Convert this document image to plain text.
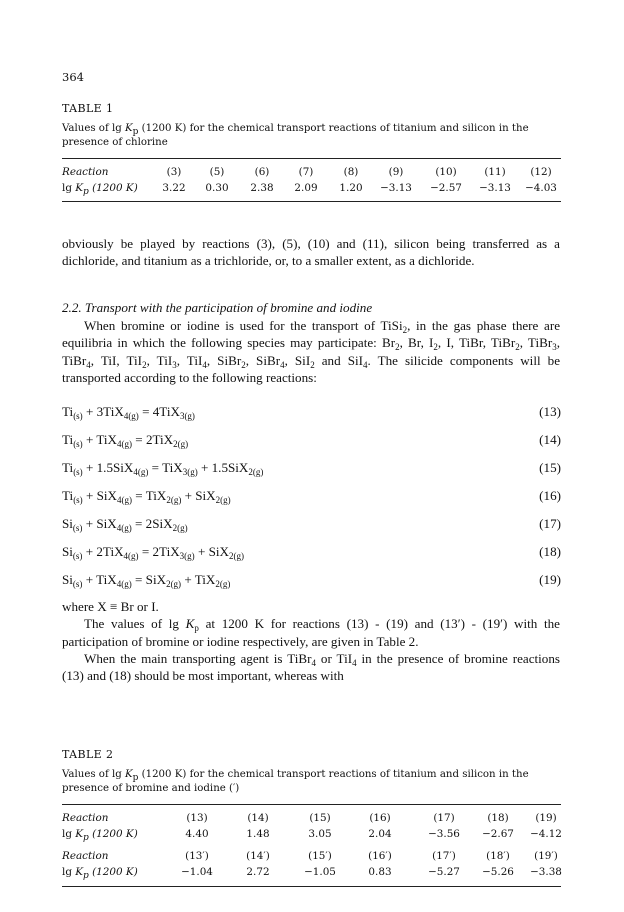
364
TABLE 1
Values of $\lg K_p$ (1200 K) for the chemical transport reactions of titanium and silicon in the presence of chlorine
Reaction	(3)	(5)	(6)	(7)	(8)	(9)	(10)	(11)	(12)
$\lg K_p$ (1200 K)	3.22	0.30	2.38	2.09	1.20	−3.13	−2.57	−3.13	−4.03

obviously be played by reactions (3), (5), (10) and (11), silicon being transferred as a dichloride, and titanium as a trichloride, or, to a smaller extent, as a dichloride.

2.2. Transport with the participation of bromine and iodine

When bromine or iodine is used for the transport of TiSi$_2$, in the gas phase there are equilibria in which the following species may participate: $Br_2$, Br, $I_2$, I, TiBr, TiBr$_2$, TiBr$_3$, TiBr$_4$, TiI, TiI$_2$, TiI$_3$, TiI$_4$, SiBr$_2$, SiBr$_4$, SiI$_2$ and SiI$_4$. The silicide components will be transported according to the following reactions:

$Ti_{(s)} + 3TiX_{4(g)} = 4TiX_{3(g)}$	(13)
$Ti_{(s)} + TiX_{4(g)} = 2TiX_{2(g)}$	(14)
$Ti_{(s)} + 1.5SiX_{4(g)} = TiX_{3(g)} + 1.5SiX_{2(g)}$	(15)
$Ti_{(s)} + SiX_{4(g)} = TiX_{2(g)} + SiX_{2(g)}$	(16)
$Si_{(s)} + SiX_{4(g)} = 2SiX_{2(g)}$	(17)
$Si_{(s)} + 2TiX_{4(g)} = 2TiX_{3(g)} + SiX_{2(g)}$	(18)
$Si_{(s)} + TiX_{4(g)} = SiX_{2(g)} + TiX_{2(g)}$	(19)

where X ≡ Br or I.

The values of $\lg K_p$ at 1200 K for reactions (13) - (19) and (13′) - (19′) with the participation of bromine or iodine respectively, are given in Table 2.

When the main transporting agent is TiBr$_4$ or TiI$_4$ in the presence of bromine reactions (13) and (18) should be most important, whereas with

TABLE 2
Values of $\lg K_p$ (1200 K) for the chemical transport reactions of titanium and silicon in the presence of bromine and iodine (′)
Reaction	(13)	(14)	(15)	(16)	(17)	(18)	(19)
$\lg K_p$ (1200 K)	4.40	1.48	3.05	2.04	−3.56	−2.67	−4.12
Reaction	(13′)	(14′)	(15′)	(16′)	(17′)	(18′)	(19′)
$\lg K_p$ (1200 K)	−1.04	2.72	−1.05	0.83	−5.27	−5.26	−3.38
